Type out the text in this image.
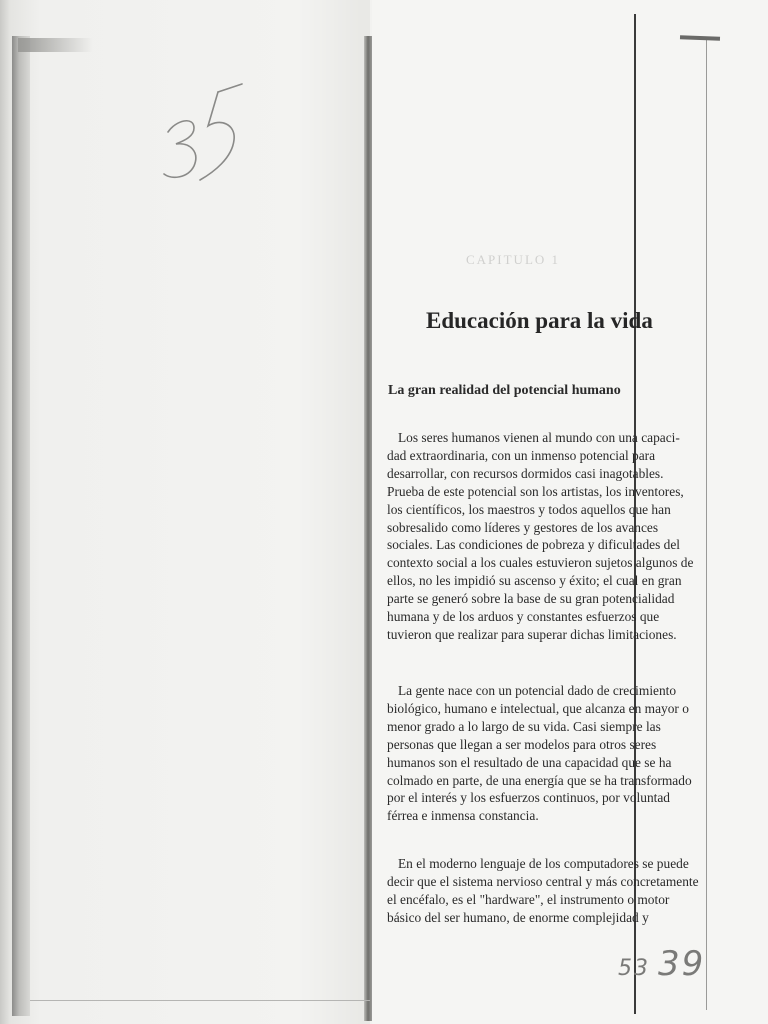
CAPITULO 1
Educación para la vida
La gran realidad del potencial humano
Los seres humanos vienen al mundo con una capaci-
dad extraordinaria, con un inmenso potencial para
desarrollar, con recursos dormidos casi inagotables.
Prueba de este potencial son los artistas, los inventores,
los científicos, los maestros y todos aquellos que han
sobresalido como líderes y gestores de los avances
sociales. Las condiciones de pobreza y dificultades del
contexto social a los cuales estuvieron sujetos algunos de
ellos, no les impidió su ascenso y éxito; el cual en gran
parte se generó sobre la base de su gran potencialidad
humana y de los arduos y constantes esfuerzos que
tuvieron que realizar para superar dichas limitaciones.
La gente nace con un potencial dado de crecimiento
biológico, humano e intelectual, que alcanza en mayor o
menor grado a lo largo de su vida. Casi siempre las
personas que llegan a ser modelos para otros seres
humanos son el resultado de una capacidad que se ha
colmado en parte, de una energía que se ha transformado
por el interés y los esfuerzos continuos, por voluntad
férrea e inmensa constancia.
En el moderno lenguaje de los computadores se puede
decir que el sistema nervioso central y más concretamente
el encéfalo, es el "hardware", el instrumento o motor
básico del ser humano, de enorme complejidad y

53 39
